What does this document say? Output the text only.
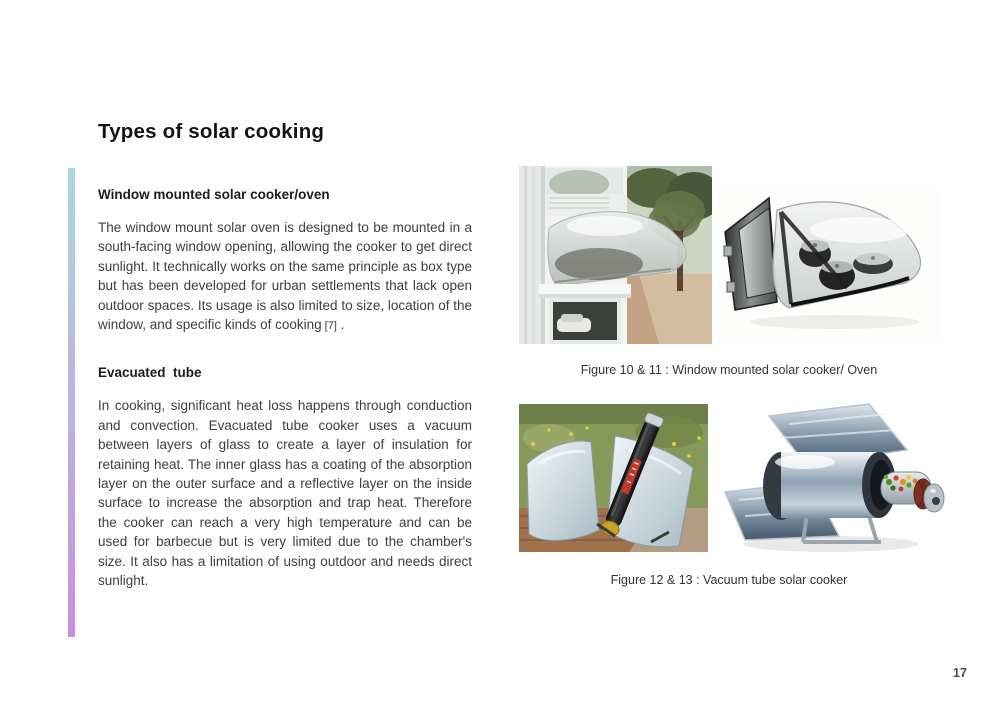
Types of solar cooking
Window mounted solar cooker/oven

The window mount solar oven is designed to be mounted in a south-facing window opening, allowing the cooker to get direct sunlight. It technically works on the same principle as box type but has been developed for urban settlements that lack open outdoor spaces. Its usage is also limited to size, location of the window, and specific kinds of cooking [7] .

Evacuated  tube

In cooking, significant heat loss happens through conduction and convection. Evacuated tube cooker uses a vacuum between layers of glass to create a layer of insulation for retaining heat. The inner glass has a coating of the absorption layer on the outer surface and a reflective layer on the inside surface to increase the absorption and trap heat. Therefore the cooker can reach a very high temperature and can be used for barbecue but is very limited due to the chamber's size. It also has a limitation of using outdoor and needs direct sunlight.

Figure 10 & 11 : Window mounted solar cooker/ Oven

Figure 12 & 13 : Vacuum tube solar cooker

17
